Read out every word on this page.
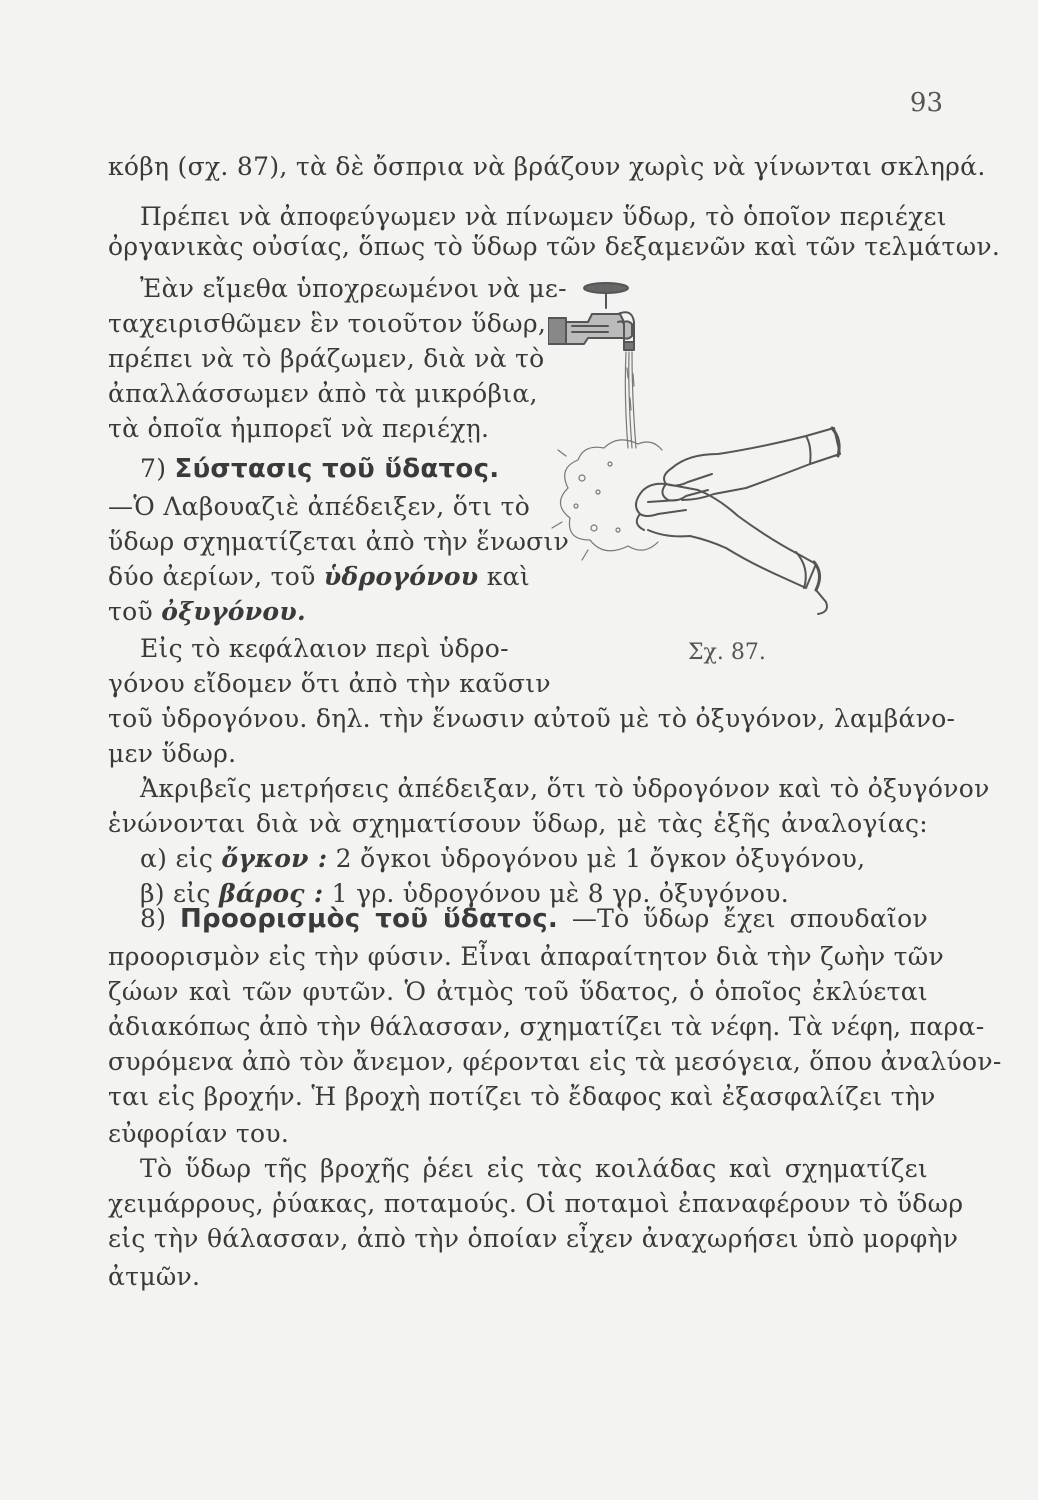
93
κόβη (σχ. 87), τὰ δὲ ὄσπρια νὰ βράζουν χωρὶς νὰ γίνωνται σκληρά.
Πρέπει νὰ ἀποφεύγωμεν νὰ πίνωμεν ὕδωρ, τὸ ὁποῖον περιέχει
ὀργανικὰς οὐσίας, ὅπως τὸ ὕδωρ τῶν δεξαμενῶν καὶ τῶν τελμάτων.
Ἐὰν εἴμεθα ὑποχρεωμένοι νὰ με-
ταχειρισθῶμεν ἓν τοιοῦτον ὕδωρ,
πρέπει νὰ τὸ βράζωμεν, διὰ νὰ τὸ
ἀπαλλάσσωμεν ἀπὸ τὰ μικρόβια,
τὰ ὁποῖα ἠμπορεῖ νὰ περιέχῃ.
7) Σύστασις τοῦ ὕδατος.
—Ὁ Λαβουαζιὲ ἀπέδειξεν, ὅτι τὸ
ὕδωρ σχηματίζεται ἀπὸ τὴν ἕνωσιν
δύο ἀερίων, τοῦ ὑδρογόνου καὶ
τοῦ ὀξυγόνου.
Εἰς τὸ κεφάλαιον περὶ ὑδρο-
γόνου εἴδομεν ὅτι ἀπὸ τὴν καῦσιν
τοῦ ὑδρογόνου. δηλ. τὴν ἕνωσιν αὐτοῦ μὲ τὸ ὀξυγόνον, λαμβάνο-
μεν ὕδωρ.
Ἀκριβεῖς μετρήσεις ἀπέδειξαν, ὅτι τὸ ὑδρογόνον καὶ τὸ ὀξυγόνον
ἑνώνονται διὰ νὰ σχηματίσουν ὕδωρ, μὲ τὰς ἑξῆς ἀναλογίας:
α) εἰς ὄγκον : 2 ὄγκοι ὑδρογόνου μὲ 1 ὄγκον ὀξυγόνου,
β) εἰς βάρος : 1 γρ. ὑδρογόνου μὲ 8 γρ. ὀξυγόνου.
8) Προορισμὸς τοῦ ὕδατος. —Τὸ ὕδωρ ἔχει σπουδαῖον
προορισμὸν εἰς τὴν φύσιν. Εἶναι ἀπαραίτητον διὰ τὴν ζωὴν τῶν
ζώων καὶ τῶν φυτῶν. Ὁ ἀτμὸς τοῦ ὕδατος, ὁ ὁποῖος ἐκλύεται
ἀδιακόπως ἀπὸ τὴν θάλασσαν, σχηματίζει τὰ νέφη. Τὰ νέφη, παρα-
συρόμενα ἀπὸ τὸν ἄνεμον, φέρονται εἰς τὰ μεσόγεια, ὅπου ἀναλύον-
ται εἰς βροχήν. Ἡ βροχὴ ποτίζει τὸ ἔδαφος καὶ ἐξασφαλίζει τὴν
εὐφορίαν του.
Τὸ ὕδωρ τῆς βροχῆς ῥέει εἰς τὰς κοιλάδας καὶ σχηματίζει
χειμάρρους, ῥύακας, ποταμούς. Οἱ ποταμοὶ ἐπαναφέρουν τὸ ὕδωρ
εἰς τὴν θάλασσαν, ἀπὸ τὴν ὁποίαν εἶχεν ἀναχωρήσει ὑπὸ μορφὴν
ἀτμῶν.
Σχ. 87.
